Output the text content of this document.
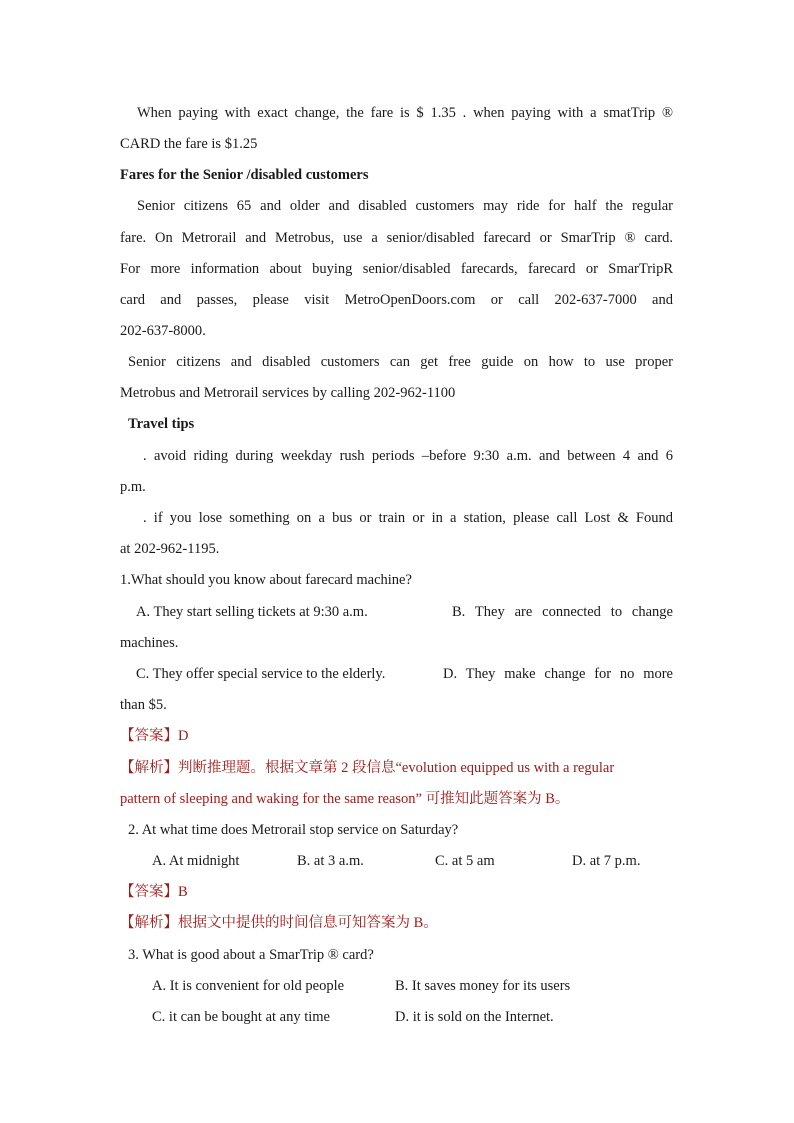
When paying with exact change, the fare is $ 1.35 . when paying with a smatTrip ®
CARD the fare is $1.25
Fares for the Senior /disabled customers
Senior citizens 65 and older and disabled customers may ride for half the regular
fare. On Metrorail and Metrobus, use a senior/disabled farecard or SmarTrip ® card.
For more information about buying senior/disabled farecards, farecard or SmarTripR
card and passes, please visit MetroOpenDoors.com or call 202-637-7000 and
202-637-8000.
Senior citizens and disabled customers can get free guide on how to use proper
Metrobus and Metrorail services by calling 202-962-1100
Travel tips
. avoid riding during weekday rush periods –before 9:30 a.m. and between 4 and 6
p.m.
. if you lose something on a bus or train or in a station, please call Lost & Found
at 202-962-1195.
1.What should you know about farecard machine?
A. They start selling tickets at 9:30 a.m.	B. They are connected to change
machines.
C. They offer special service to the elderly.	D. They make change for no more
than $5.
【答案】D
【解析】判断推理题。根据文章第 2 段信息“evolution equipped us with a regular
pattern of sleeping and waking for the same reason” 可推知此题答案为 B。
2. At what time does Metrorail stop service on Saturday?
A. At midnight	B. at 3 a.m.	C. at 5 am	D. at 7 p.m.
【答案】B
【解析】根据文中提供的时间信息可知答案为 B。
3. What is good about a SmarTrip ® card?
A. It is convenient for old people	B. It saves money for its users
C. it can be bought at any time	D. it is sold on the Internet.
